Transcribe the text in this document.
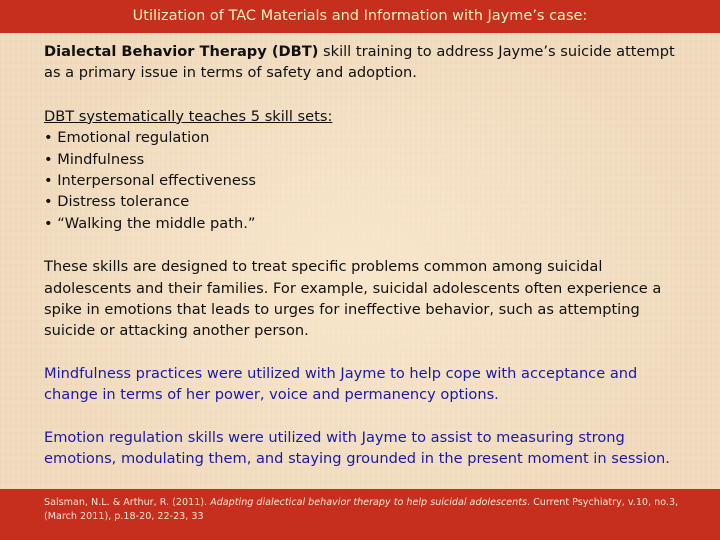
Utilization of TAC Materials and Information with Jayme’s case:

Dialectal Behavior Therapy (DBT) skill training to address Jayme’s suicide attempt as a primary issue in terms of safety and adoption.

DBT systematically teaches 5 skill sets:

• Emotional regulation
• Mindfulness
• Interpersonal effectiveness
• Distress tolerance
• “Walking the middle path.”

These skills are designed to treat specific problems common among suicidal adolescents and their families. For example, suicidal adolescents often experience a spike in emotions that leads to urges for ineffective behavior, such as attempting suicide or attacking another person.

Mindfulness practices were utilized with Jayme to help cope with acceptance and change in terms of her power, voice and permanency options.

Emotion regulation skills were utilized with Jayme to assist to measuring strong emotions, modulating them, and staying grounded in the present moment in session.

Salsman, N.L. & Arthur, R. (2011). Adapting dialectical behavior therapy to help suicidal adolescents. Current Psychiatry, v.10, no.3, (March 2011), p.18-20, 22-23, 33
